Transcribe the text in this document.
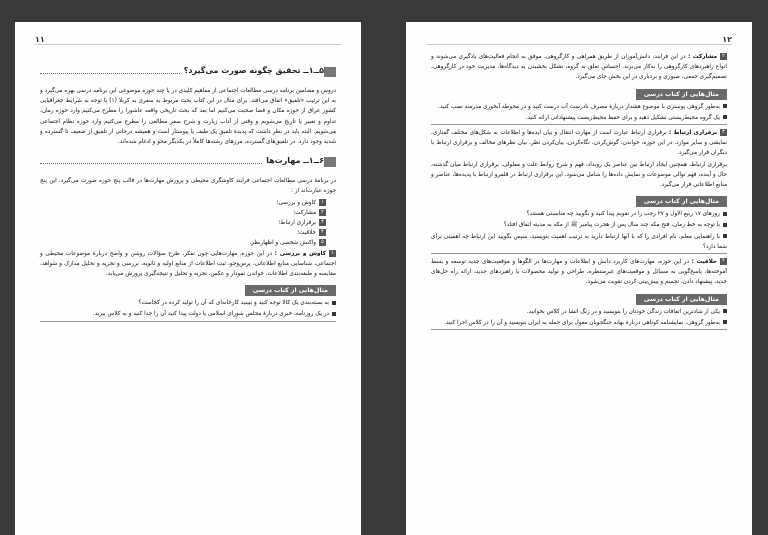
۱۱
۵ــ۱ــ تحقیق چگونه صورت می‌گیرد؟

دروس و مضامین برنامه درسی مطالعات اجتماعی از مفاهیم کلیدی در یا چند حوزه موضوعی این برنامه درسی بهره می‌گیرد و به این ترتیب «تلفیق» اتفاق می‌افتد. برای مثال در این کتاب بحث مربوط به سفری به کربلا (۱) با توجه به شرایط جغرافیایی کشور عراق از حوزه مکان و فضا صحبت می‌کنیم اما بعد که بحث تاریخی واقعه عاشورا را مطرح می‌کنیم وارد حوزه زمان، تداوم و تغییر یا تاریخ می‌شویم و وقتی از آداب زیارت و شرح سفر مطالعی را مطرح می‌کنیم وارد حوزه نظام اجتماعی می‌شویم. البته باید در نظر داشت که پدیدهٔ تلفیق یک طیف یا پیوستار است و همیشه درجاتی از تلفیق از ضعیف تا گسترده و شدید وجود دارد. در تلفیق‌های گسترده، مرزهای رشته‌ها کاملاً در یکدیگر محو و ادغام شده‌اند.

۶ــ۱ــ مهارت‌ها

در برنامهٔ درسی مطالعات اجتماعی فرایند کاوشگری محیطی و پرورش مهارت‌ها در قالب پنج حوزه صورت می‌گیرد. این پنج حوزه عبارت‌اند از :

۱کاوش و بررسی؛
۲مشارکت؛
۳برقراری ارتباط؛
۴خلاقیت؛
۵واکنش شخصی و اظهارنظر.

۱کاوش و بررسی : در این حوزه، مهارت‌هایی چون تفکر، طرح سؤالات روشن و واضح دربارهٔ موضوعات محیطی و اجتماعی، شناسایی منابع اطلاعاتی، پرس‌وجو، ثبت اطلاعات از منابع اولیه و ثانویه، بررسی و تجزیه و تحلیل مدارک و شواهد، مقایسه و طبقه‌بندی اطلاعات، خواندن نمودار و عکس، تجزیه و تحلیل و نتیجه‌گیری پرورش می‌یابد.

مثال‌هایی از کتاب درسی

به بسته‌بندی یک کالا توجه کنید و ببینید کارخانه‌ای که آن را تولید کرده در کجاست؟

در یک روزنامه، خبری دربارهٔ مجلس شورای اسلامی یا دولت پیدا کنید آن را جدا کنید و به کلاس ببرید.

۱۲

۲مشارکت : در این فرایند، دانش‌آموزان از طریق همراهی و کارگروهی، موفق به انجام فعالیت‌های یادگیری می‌شوند و انواع راهبردهای کارگروهی را به‌کار می‌برند. احساس تعلق به گروه، تشکل بخشیدن به دیدگاه‌ها، مدیریت خود در کارگروهی، تصمیم‌گیری جمعی، صبوری و بردباری در این بخش جای می‌گیرد.

مثال‌هایی از کتاب درسی

به‌طور گروهی پوستری با موضوع هشدار دربارهٔ مصرف نادرست آب درست کنید و در محوطه آبخوری مدرسه نصب کنید.

یک گروه محیط‌زیستی تشکیل دهید و برای حفظ محیط‌زیست پیشنهاداتی ارائه کنید.

۳برقراری ارتباط : برقراری ارتباط عبارت است از مهارت انتقال و بیان ایده‌ها و اطلاعات به شکل‌های مختلف گفتاری، نمایشی و سایر موارد. در این حوزه، خواندن، گوش‌کردن، نگاه‌کردن، بیان‌کردن نظر، بیان نظرهای مخالف و برقراری ارتباط با دیگران قرار می‌گیرد.

برقراری ارتباط، همچنین ایجاد ارتباط بین عناصر یک رویداد، فهم و شرح روابط علت و معلولی، برقراری ارتباط میان گذشته، حال و آینده، فهم توالی موضوعات و نمایش داده‌ها را شامل می‌شود. این برقراری ارتباط در قلمرو ارتباط با پدیده‌ها، عناصر و منابع اطلاعاتی قرار می‌گیرد.

مثال‌هایی از کتاب درسی

روزهای ۱۷ ربیع الاول و ۲۷ رجب را در تقویم پیدا کنید و بگویید چه مناسبتی هستند؟

با توجه به خط زمان، فتح مکه چند سال پس از هجرت پیامبر ﷺ از مکه به مدینه اتفاق افتاد؟

با راهنمایی معلم، نام افرادی را که با آنها ارتباط دارید به ترتیب اهمیت بنویسید، سپس بگویید این ارتباط چه اهمیتی برای شما دارد؟

۴خلاقیت : در این حوزه، مهارت‌های کاربرد دانش و اطلاعات و مهارت‌ها در الگوها و موقعیت‌های جدید توسعه و بسط آموخته‌ها، پاسخ‌گویی به مسائل و موقعیت‌های غیرمنتظره، طراحی و تولید محصولات یا راهبردهای جدید، ارائه راه حل‌های جدید، پیشنهاد دادن، تجسم و پیش‌بینی کردن تقویت می‌شود.

مثال‌هایی از کتاب درسی

یکی از شادترین اتفاقات زندگی خودتان را بنویسید و در زنگ انشا در کلاس بخوانید.

به‌طور گروهی، نمایشنامه کوتاهی دربارهٔ بهانه جنگجویان مغول برای حمله به ایران بنویسید و آن را در کلاس اجرا کنید.
